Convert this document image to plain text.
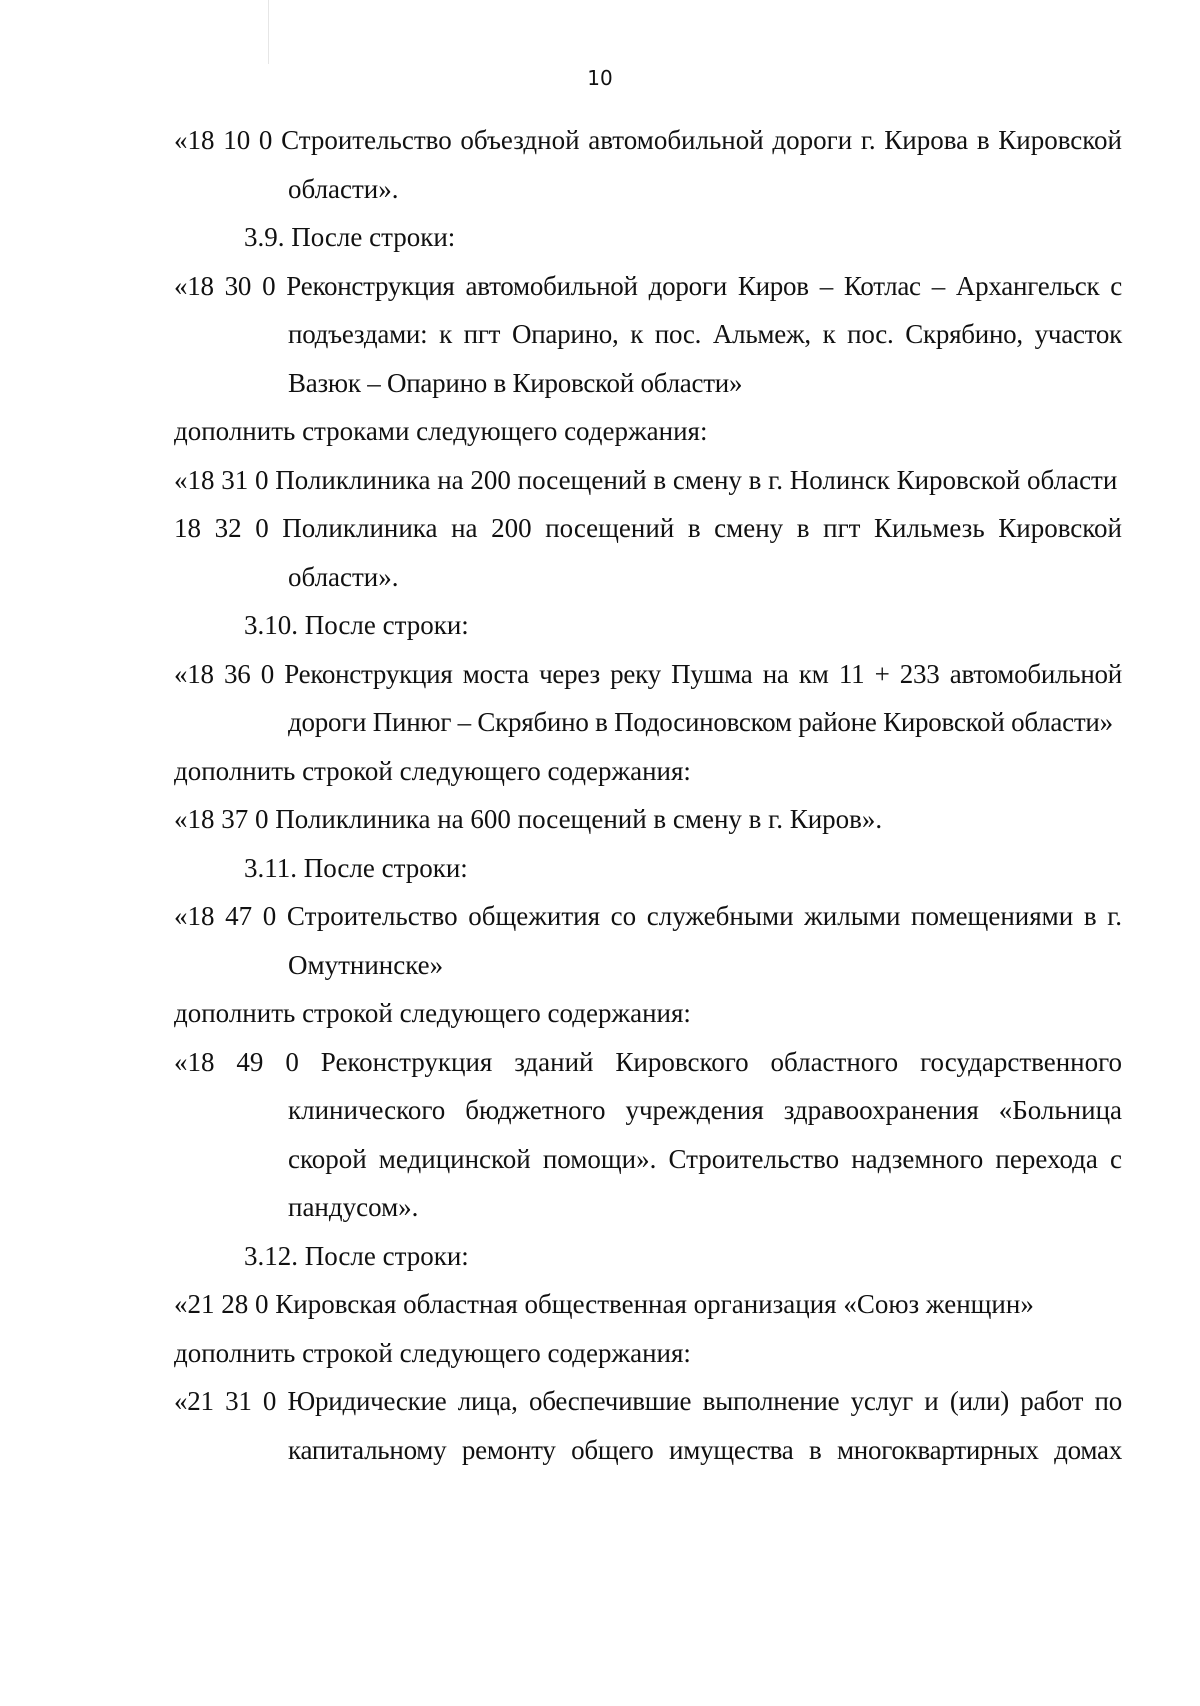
10
«18 10 0 Строительство объездной автомобильной дороги г. Кирова в Кировской области».
3.9. После строки:
«18 30 0 Реконструкция автомобильной дороги Киров – Котлас – Архангельск с подъездами: к пгт Опарино, к пос. Альмеж, к пос. Скрябино, участок Вазюк – Опарино в Кировской области»
дополнить строками следующего содержания:
«18 31 0 Поликлиника на 200 посещений в смену в г. Нолинск Кировской области
18 32 0 Поликлиника на 200 посещений в смену в пгт Кильмезь Кировской области».
3.10. После строки:
«18 36 0 Реконструкция моста через реку Пушма на км 11 + 233 автомобильной дороги Пинюг – Скрябино в Подосиновском районе Кировской области»
дополнить строкой следующего содержания:
«18 37 0 Поликлиника на 600 посещений в смену в г. Киров».
3.11. После строки:
«18 47 0 Строительство общежития со служебными жилыми помещениями в г. Омутнинске»
дополнить строкой следующего содержания:
«18 49 0 Реконструкция зданий Кировского областного государственного клинического бюджетного учреждения здравоохранения «Больница скорой медицинской помощи». Строительство надземного перехода с пандусом».
3.12. После строки:
«21 28 0 Кировская областная общественная организация «Союз женщин»
дополнить строкой следующего содержания:
«21 31 0 Юридические лица, обеспечившие выполнение услуг и (или) работ по капитальному ремонту общего имущества в многоквартирных домах
